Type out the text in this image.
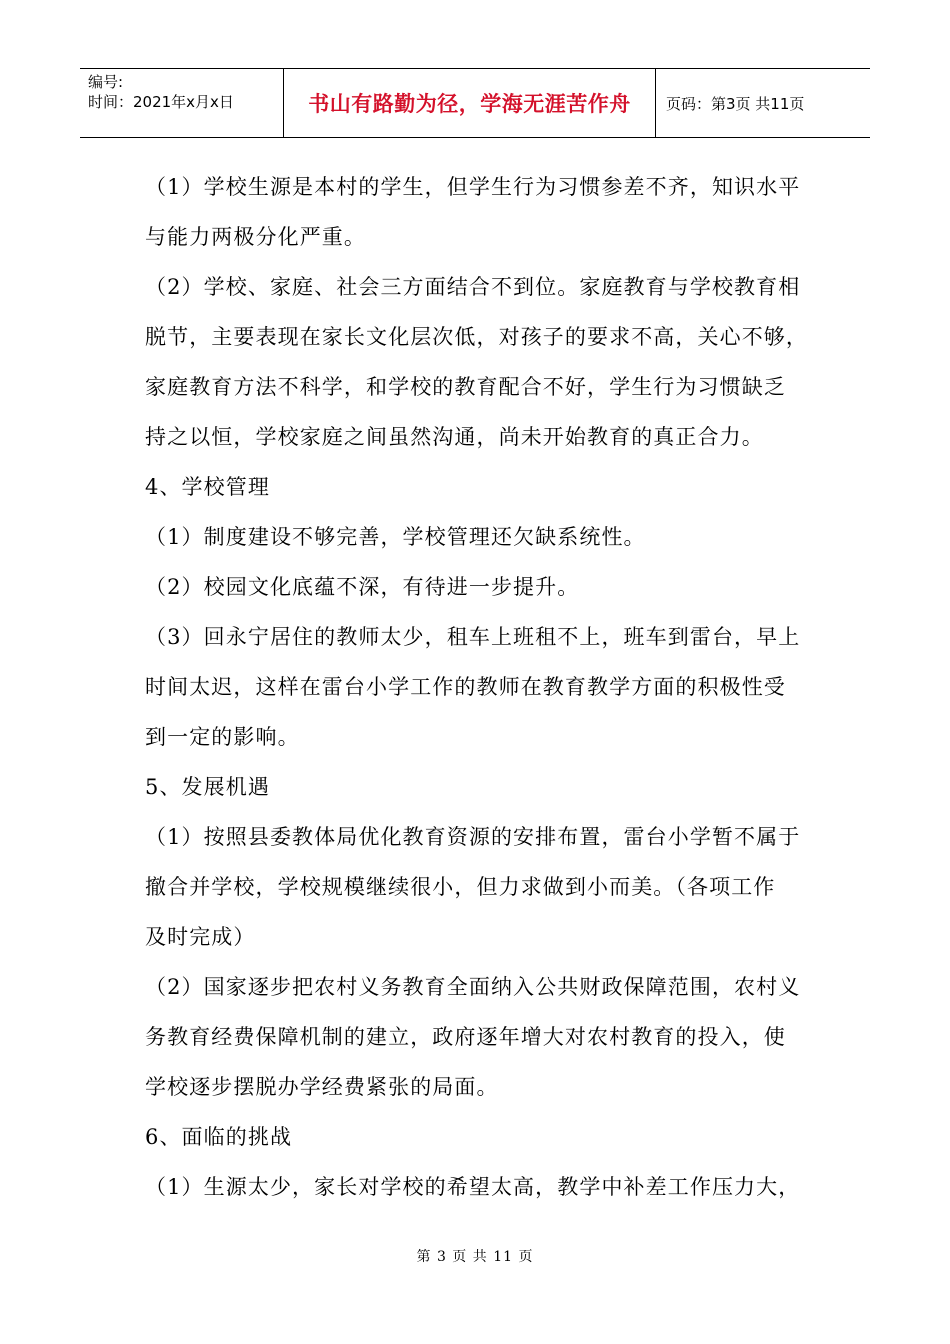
编号:
时间：2021年x月x日	书山有路勤为径，学海无涯苦作舟	页码：第3页 共11页
（1）学校生源是本村的学生，但学生行为习惯参差不齐，知识水平
与能力两极分化严重。
（2）学校、家庭、社会三方面结合不到位。家庭教育与学校教育相
脱节，主要表现在家长文化层次低，对孩子的要求不高，关心不够，
家庭教育方法不科学，和学校的教育配合不好，学生行为习惯缺乏
持之以恒，学校家庭之间虽然沟通，尚未开始教育的真正合力。
4、学校管理
（1）制度建设不够完善，学校管理还欠缺系统性。
（2）校园文化底蕴不深，有待进一步提升。
（3）回永宁居住的教师太少，租车上班租不上，班车到雷台，早上
时间太迟，这样在雷台小学工作的教师在教育教学方面的积极性受
到一定的影响。
5、发展机遇
（1）按照县委教体局优化教育资源的安排布置，雷台小学暂不属于
撤合并学校，学校规模继续很小，但力求做到小而美。（各项工作
及时完成）
（2）国家逐步把农村义务教育全面纳入公共财政保障范围，农村义
务教育经费保障机制的建立，政府逐年增大对农村教育的投入，使
学校逐步摆脱办学经费紧张的局面。
6、面临的挑战
（1）生源太少，家长对学校的希望太高，教学中补差工作压力大，
第 3 页 共 11 页
